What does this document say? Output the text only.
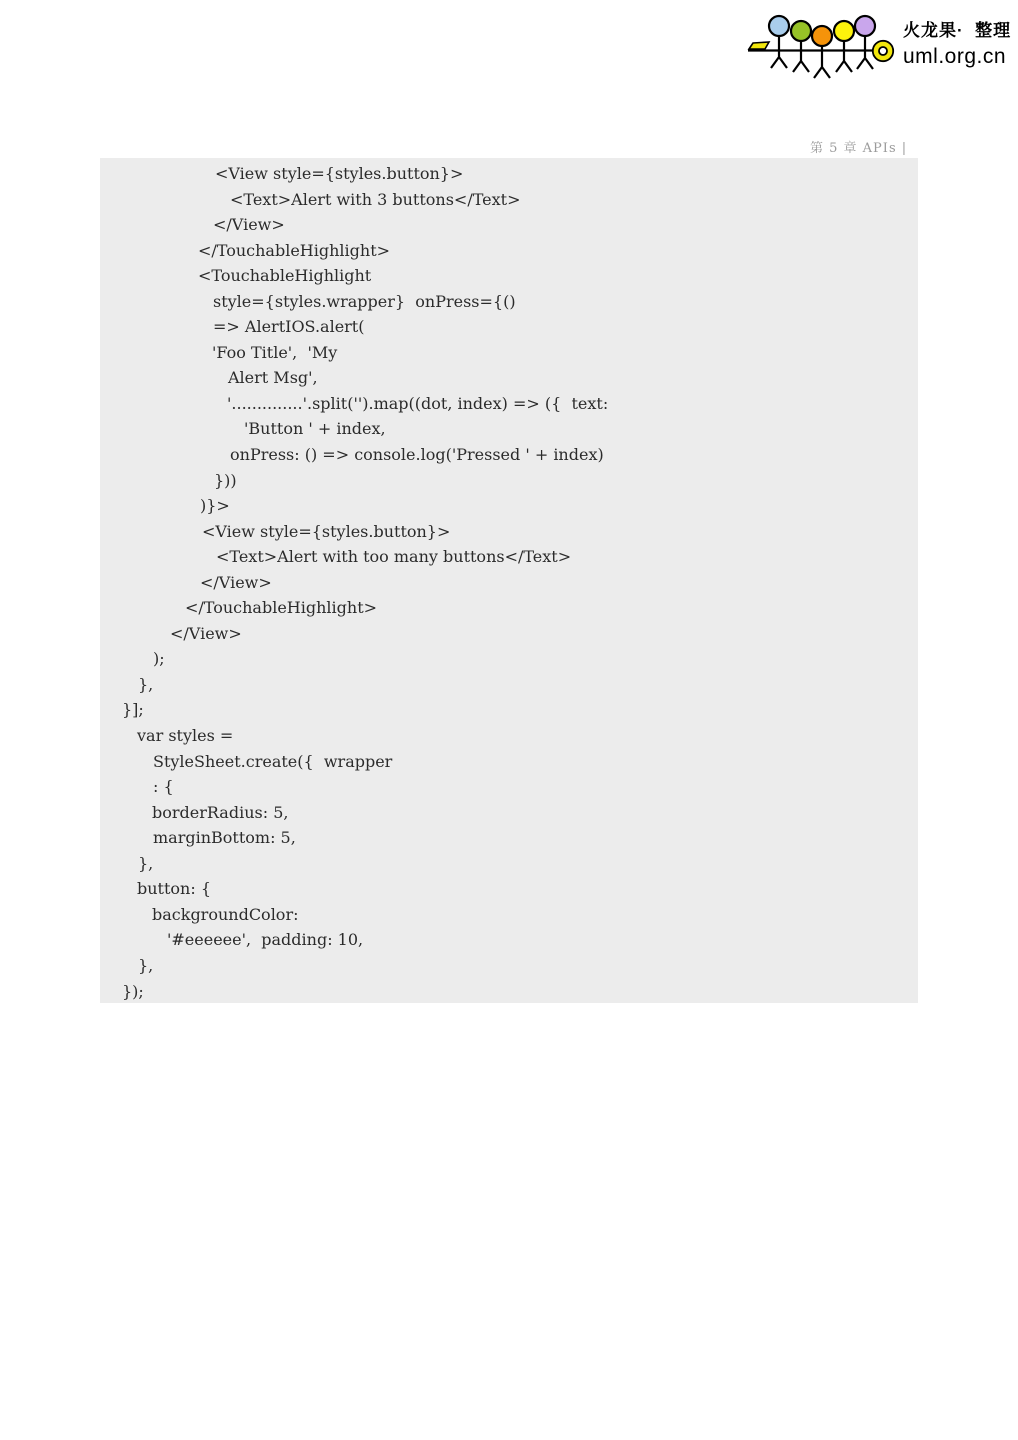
火龙果·  整理
uml.org.cn

第 5 章 APIs |

<View style={styles.button}>
<Text>Alert with 3 buttons</Text>
</View>
</TouchableHighlight>
<TouchableHighlight
style={styles.wrapper}  onPress={()
=> AlertIOS.alert(
'Foo Title',  'My
Alert Msg',
'..............'.split('').map((dot, index) => ({  text:
'Button ' + index,
onPress: () => console.log('Pressed ' + index)
}))
)}>
<View style={styles.button}>
<Text>Alert with too many buttons</Text>
</View>
</TouchableHighlight>
</View>
);
},
}];
var styles =
StyleSheet.create({  wrapper
: {
borderRadius: 5,
marginBottom: 5,
},
button: {
backgroundColor:
'#eeeeee',  padding: 10,
},
});
